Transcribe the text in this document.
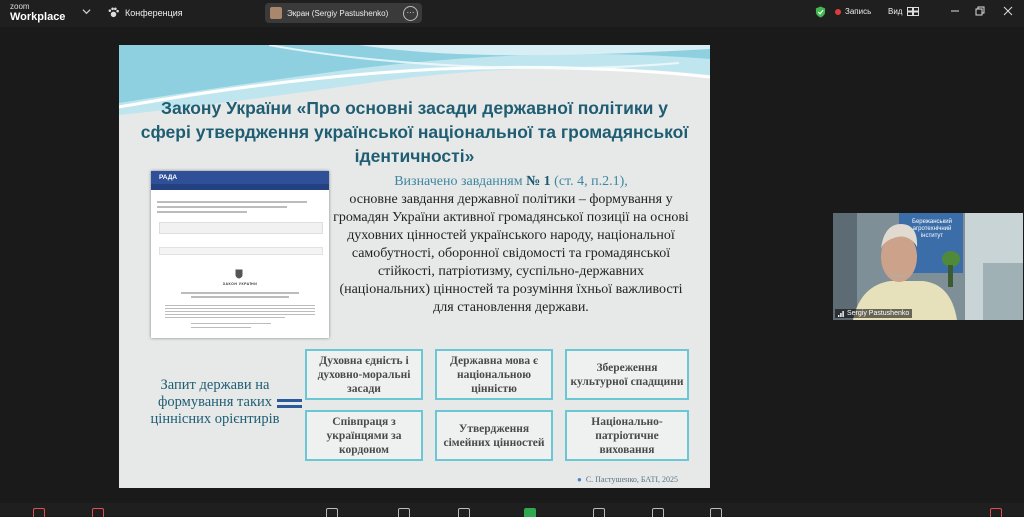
zoom
Workplace	Конференция	Экран (Sergiy Pastushenko)	···	Запись Вид
Закону України «Про основні засади державної політики у сфері утвердження української національної та громадянської ідентичності»
РАДА
ЗАКОН УКРАЇНИ
Визначено завданням № 1 (ст. 4, п.2.1),
основне завдання державної політики – формування у громадян України активної громадянської позиції на основі духовних цінностей українського народу, національної самобутності, оборонної свідомості та громадянської стійкості, патріотизму, суспільно-державних (національних) цінностей та розуміння їхньої важливості для становлення держави.
Запит держави на формування таких ціннісних орієнтирів
Духовна єдність і духовно-моральні засади
Державна мова є національною цінністю
Збереження культурної спадщини
Співпраця з українцями за кордоном
Утвердження сімейних цінностей
Національно-патріотичне виховання
● С. Пастушенко, БАТІ, 2025
Бережанський агротехнічний інститут
Sergiy Pastushenko
